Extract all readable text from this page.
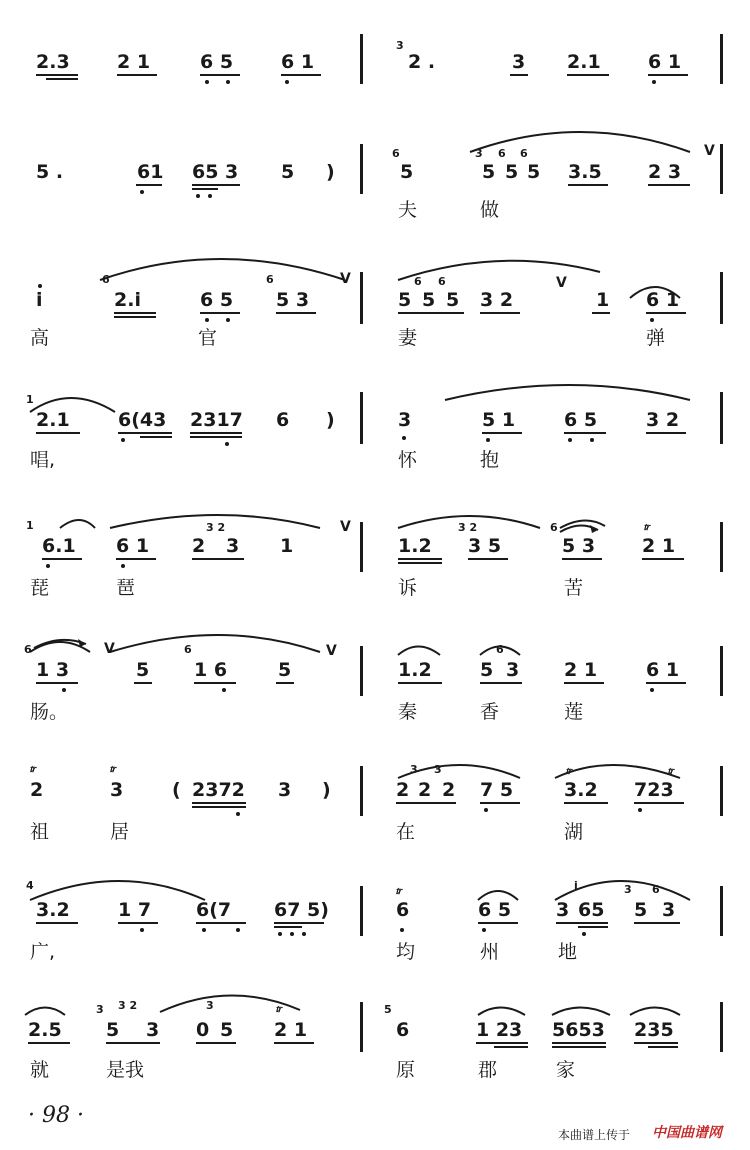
2.3 2 1	6 5	6 1
3
2 .	3 2.1 6 1
5 .	61 65 3 5 )
6
5
3
5
6
5
6
5 3.5 2 3
V
夫	做
i
6
2.i	6 5
6
5 3
V
5
6
5
6
5 3 2
V
1 6 1
高	官	妻	弹
1
2.1	6(43 2317 6 )	3	5 1	6 5	3 2
唱,	怀	抱
1
6.1 6 1 2
3 2
3 1
V
1.2
3 2
3 5
6
5 3 2 1
𝆖
琵	琶	诉	苦
6
1 3
V
5
6
1 6	5
V
1.2	5
6
3 2 1	6 1
肠。	秦	香	莲
𝆖
2
𝆖
3	( 2372 3 )	2
3
2
3
2 7 5
𝆖
3.2
𝆖
723
祖	居	在	湖
4
3.2	1 7 6(7 67 5)
𝆖
6	6 5
i
3 65
3
5
6
3
广,	均	州	地
2.5
3
5
3 2
3 0
3
5
𝆖
2 1
5
6	1 23 5653 235
就	是我	原	郡	家
· 98 ·
本曲谱上传于 中国曲谱网
